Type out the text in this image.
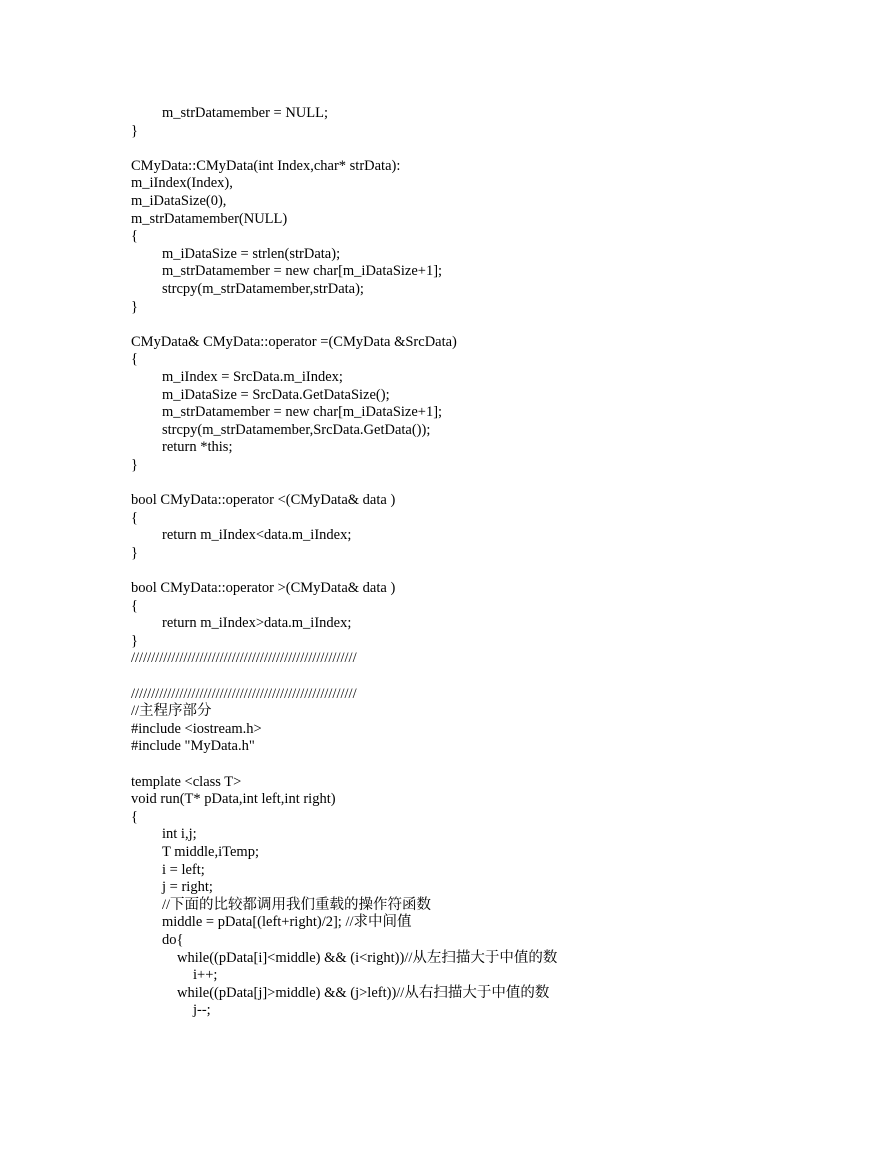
m_strDatamember = NULL;
}
CMyData::CMyData(int Index,char* strData):
m_iIndex(Index),
m_iDataSize(0),
m_strDatamember(NULL)
{
m_iDataSize = strlen(strData);
m_strDatamember = new char[m_iDataSize+1];
strcpy(m_strDatamember,strData);
}
CMyData& CMyData::operator =(CMyData &SrcData)
{
m_iIndex = SrcData.m_iIndex;
m_iDataSize = SrcData.GetDataSize();
m_strDatamember = new char[m_iDataSize+1];
strcpy(m_strDatamember,SrcData.GetData());
return *this;
}
bool CMyData::operator <(CMyData& data )
{
return m_iIndex<data.m_iIndex;
}
bool CMyData::operator >(CMyData& data )
{
return m_iIndex>data.m_iIndex;
}
////////////////////////////////////////////////////////
////////////////////////////////////////////////////////
//主程序部分
#include <iostream.h>
#include "MyData.h"
template <class T>
void run(T* pData,int left,int right)
{
int i,j;
T middle,iTemp;
i = left;
j = right;
//下面的比较都调用我们重载的操作符函数
middle = pData[(left+right)/2]; //求中间值
do{
while((pData[i]<middle) && (i<right))//从左扫描大于中值的数
i++;
while((pData[j]>middle) && (j>left))//从右扫描大于中值的数
j--;
